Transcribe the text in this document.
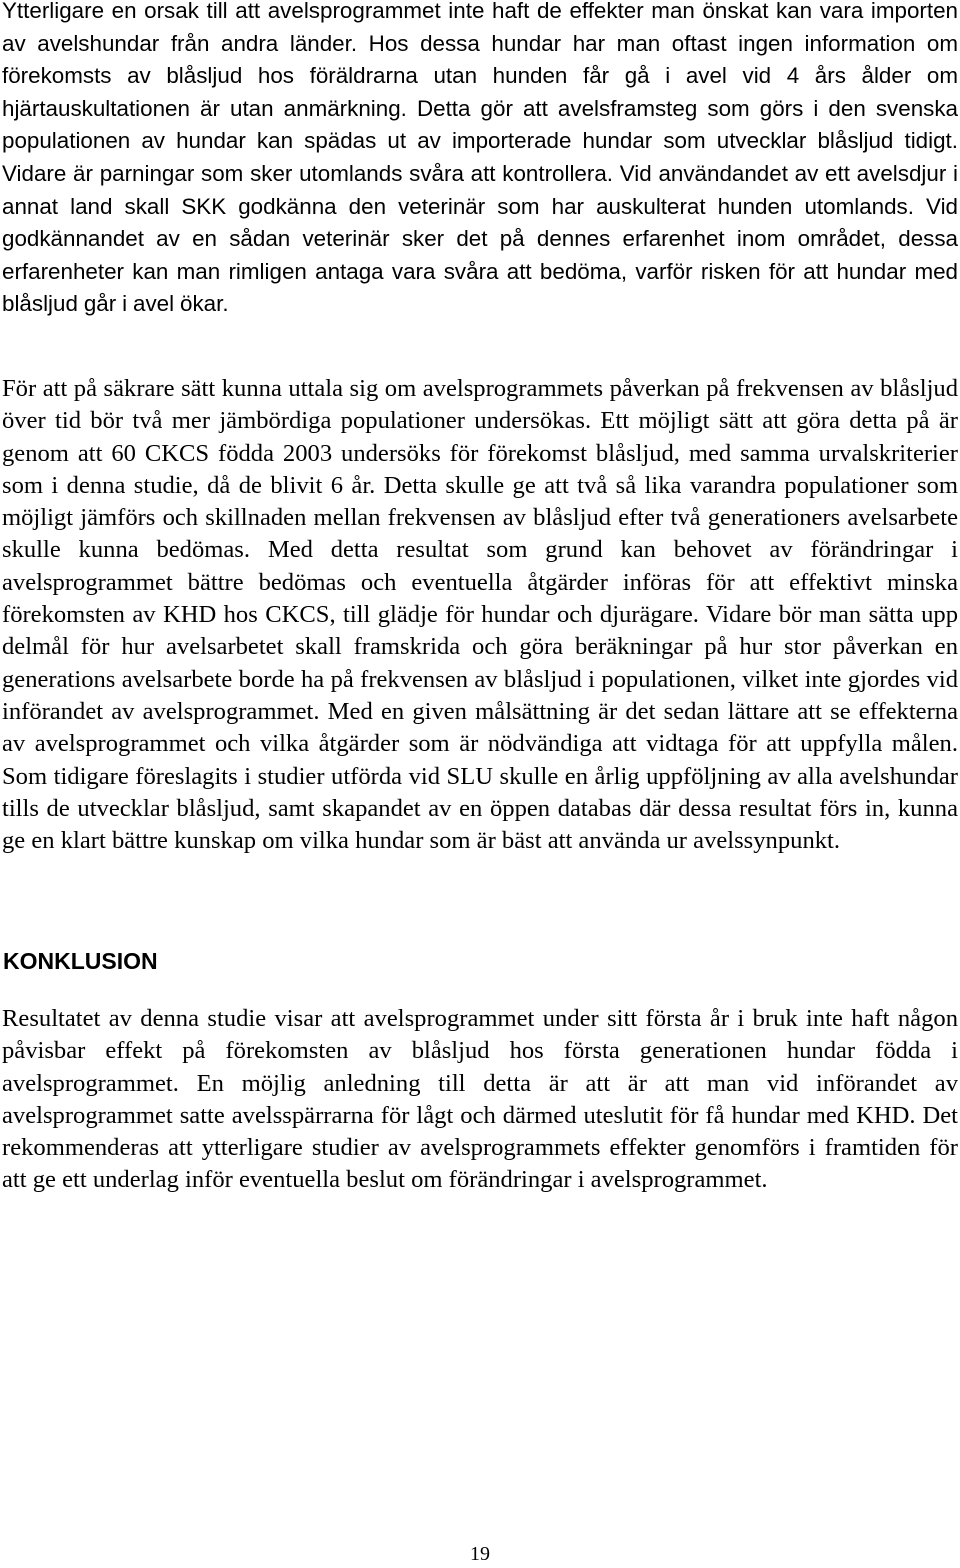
Ytterligare en orsak till att avelsprogrammet inte haft de effekter man önskat kan vara importen av avelshundar från andra länder. Hos dessa hundar har man oftast ingen information om förekomsts av blåsljud hos föräldrarna utan hunden får gå i avel vid 4 års ålder om hjärtauskultationen är utan anmärkning. Detta gör att avelsframsteg som görs i den svenska populationen av hundar kan spädas ut av importerade hundar som utvecklar blåsljud tidigt. Vidare är parningar som sker utomlands svåra att kontrollera. Vid användandet av ett avelsdjur i annat land skall SKK godkänna den veterinär som har auskulterat hunden utomlands. Vid godkännandet av en sådan veterinär sker det på dennes erfarenhet inom området, dessa erfarenheter kan man rimligen antaga vara svåra att bedöma, varför risken för att hundar med blåsljud går i avel ökar.

För att på säkrare sätt kunna uttala sig om avelsprogrammets påverkan på frekvensen av blåsljud över tid bör två mer jämbördiga populationer undersökas. Ett möjligt sätt att göra detta på är genom att 60 CKCS födda 2003 undersöks för förekomst blåsljud, med samma urvalskriterier som i denna studie, då de blivit 6 år. Detta skulle ge att två så lika varandra populationer som möjligt jämförs och skillnaden mellan frekvensen av blåsljud efter två generationers avelsarbete skulle kunna bedömas. Med detta resultat som grund kan behovet av förändringar i avelsprogrammet bättre bedömas och eventuella åtgärder införas för att effektivt minska förekomsten av KHD hos CKCS, till glädje för hundar och djurägare. Vidare bör man sätta upp delmål för hur avelsarbetet skall framskrida och göra beräkningar på hur stor påverkan en generations avelsarbete borde ha på frekvensen av blåsljud i populationen, vilket inte gjordes vid införandet av avelsprogrammet. Med en given målsättning är det sedan lättare att se effekterna av avelsprogrammet och vilka åtgärder som är nödvändiga att vidtaga för att uppfylla målen. Som tidigare föreslagits i studier utförda vid SLU skulle en årlig uppföljning av alla avelshundar tills de utvecklar blåsljud, samt skapandet av en öppen databas där dessa resultat förs in, kunna ge en klart bättre kunskap om vilka hundar som är bäst att använda ur avelssynpunkt.

KONKLUSION

Resultatet av denna studie visar att avelsprogrammet under sitt första år i bruk inte haft någon påvisbar effekt på förekomsten av blåsljud hos första generationen hundar födda i avelsprogrammet. En möjlig anledning till detta är att är att man vid införandet av avelsprogrammet satte avelsspärrarna för lågt och därmed uteslutit för få hundar med KHD. Det rekommenderas att ytterligare studier av avelsprogrammets effekter genomförs i framtiden för att ge ett underlag inför eventuella beslut om förändringar i avelsprogrammet.

19
